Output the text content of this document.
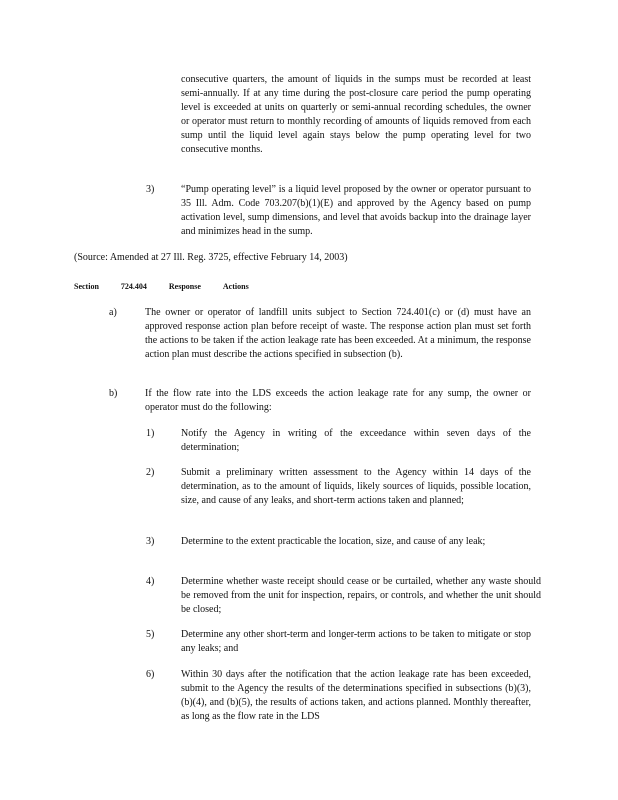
consecutive quarters, the amount of liquids in the sumps must be recorded at least semi-annually. If at any time during the post-closure care period the pump operating level is exceeded at units on quarterly or semi-annual recording schedules, the owner or operator must return to monthly recording of amounts of liquids removed from each sump until the liquid level again stays below the pump operating level for two consecutive months.
3)	“Pump operating level” is a liquid level proposed by the owner or operator pursuant to 35 Ill. Adm. Code 703.207(b)(1)(E) and approved by the Agency based on pump activation level, sump dimensions, and level that avoids backup into the drainage layer and minimizes head in the sump.
(Source: Amended at 27 Ill. Reg. 3725, effective February 14, 2003)
Section	724.404	Response	Actions
a)	The owner or operator of landfill units subject to Section 724.401(c) or (d) must have an approved response action plan before receipt of waste. The response action plan must set forth the actions to be taken if the action leakage rate has been exceeded. At a minimum, the response action plan must describe the actions specified in subsection (b).
b)	If the flow rate into the LDS exceeds the action leakage rate for any sump, the owner or operator must do the following:
1)	Notify the Agency in writing of the exceedance within seven days of the determination;
2)	Submit a preliminary written assessment to the Agency within 14 days of the determination, as to the amount of liquids, likely sources of liquids, possible location, size, and cause of any leaks, and short-term actions taken and planned;
3)	Determine to the extent practicable the location, size, and cause of any leak;
4)	Determine whether waste receipt should cease or be curtailed, whether any waste should be removed from the unit for inspection, repairs, or controls, and whether the unit should be closed;
5)	Determine any other short-term and longer-term actions to be taken to mitigate or stop any leaks; and
6)	Within 30 days after the notification that the action leakage rate has been exceeded, submit to the Agency the results of the determinations specified in subsections (b)(3), (b)(4), and (b)(5), the results of actions taken, and actions planned. Monthly thereafter, as long as the flow rate in the LDS
